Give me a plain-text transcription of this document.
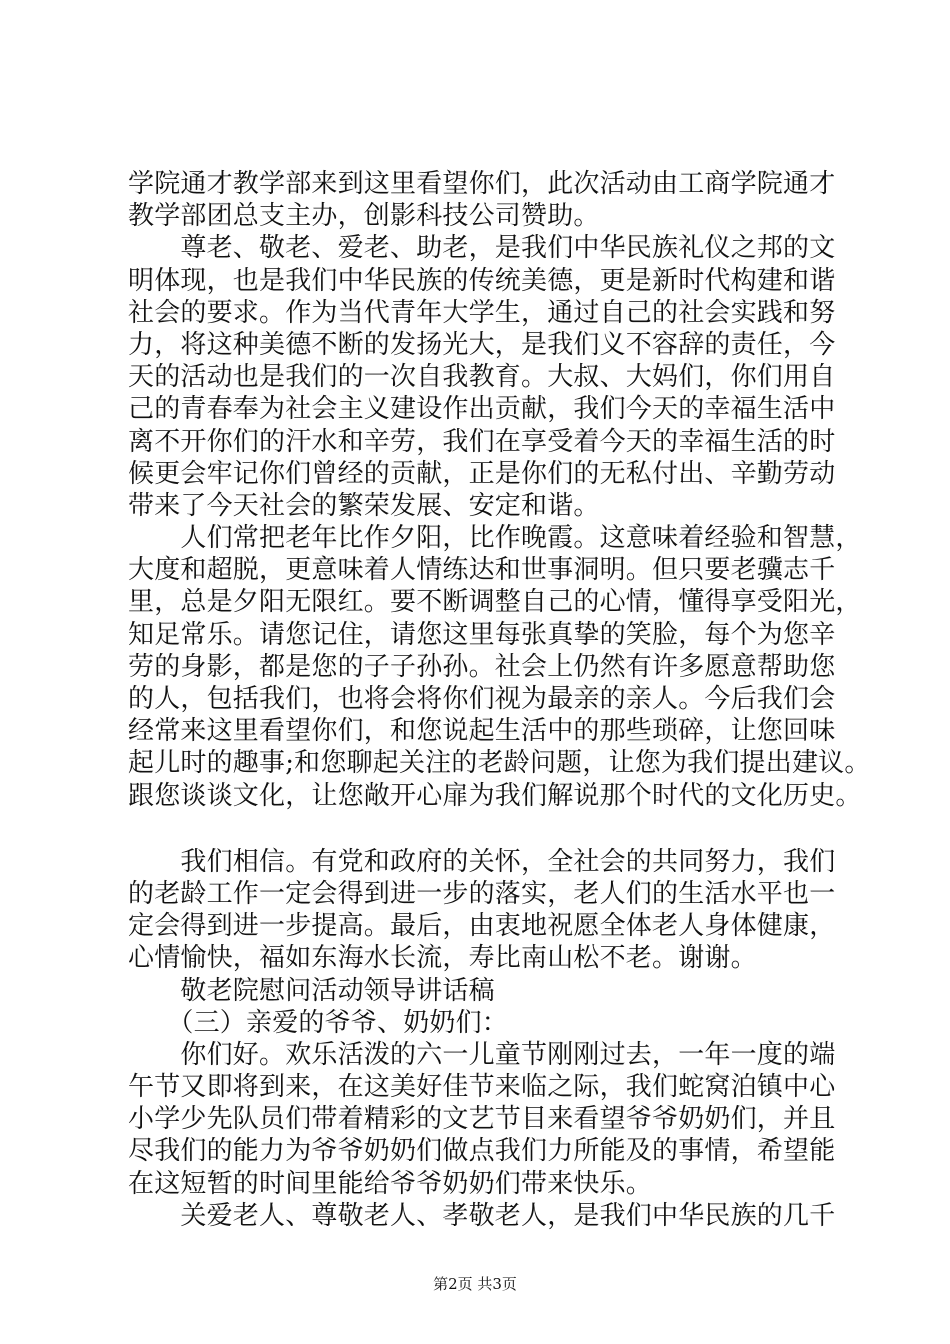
学院通才教学部来到这里看望你们，此次活动由工商学院通才
教学部团总支主办，创影科技公司赞助。
　　尊老、敬老、爱老、助老，是我们中华民族礼仪之邦的文
明体现，也是我们中华民族的传统美德，更是新时代构建和谐
社会的要求。作为当代青年大学生，通过自己的社会实践和努
力，将这种美德不断的发扬光大，是我们义不容辞的责任，今
天的活动也是我们的一次自我教育。大叔、大妈们，你们用自
己的青春奉为社会主义建设作出贡献，我们今天的幸福生活中
离不开你们的汗水和辛劳，我们在享受着今天的幸福生活的时
候更会牢记你们曾经的贡献，正是你们的无私付出、辛勤劳动
带来了今天社会的繁荣发展、安定和谐。
　　人们常把老年比作夕阳，比作晚霞。这意味着经验和智慧，
大度和超脱，更意味着人情练达和世事洞明。但只要老骥志千
里，总是夕阳无限红。要不断调整自己的心情，懂得享受阳光，
知足常乐。请您记住，请您这里每张真挚的笑脸，每个为您辛
劳的身影，都是您的子子孙孙。社会上仍然有许多愿意帮助您
的人，包括我们，也将会将你们视为最亲的亲人。今后我们会
经常来这里看望你们，和您说起生活中的那些琐碎，让您回味
起儿时的趣事;和您聊起关注的老龄问题，让您为我们提出建议。
跟您谈谈文化，让您敞开心扉为我们解说那个时代的文化历史。
　　我们相信。有党和政府的关怀，全社会的共同努力，我们
的老龄工作一定会得到进一步的落实，老人们的生活水平也一
定会得到进一步提高。最后，由衷地祝愿全体老人身体健康，
心情愉快，福如东海水长流，寿比南山松不老。谢谢。
　　敬老院慰问活动领导讲话稿
　　（三）亲爱的爷爷、奶奶们：
　　你们好。欢乐活泼的六一儿童节刚刚过去，一年一度的端
午节又即将到来，在这美好佳节来临之际，我们蛇窝泊镇中心
小学少先队员们带着精彩的文艺节目来看望爷爷奶奶们，并且
尽我们的能力为爷爷奶奶们做点我们力所能及的事情，希望能
在这短暂的时间里能给爷爷奶奶们带来快乐。
　　关爱老人、尊敬老人、孝敬老人，是我们中华民族的几千
第2页 共3页
